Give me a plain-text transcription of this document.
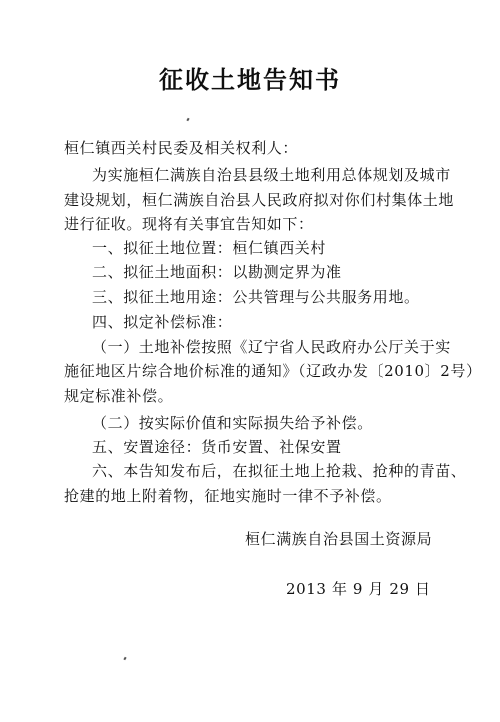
征收土地告知书
桓仁镇西关村民委及相关权利人：
为实施桓仁满族自治县县级土地利用总体规划及城市
建设规划，桓仁满族自治县人民政府拟对你们村集体土地
进行征收。现将有关事宜告知如下：
一、拟征土地位置：桓仁镇西关村
二、拟征土地面积：以勘测定界为准
三、拟征土地用途：公共管理与公共服务用地。
四、拟定补偿标准：
（一）土地补偿按照《辽宁省人民政府办公厅关于实
施征地区片综合地价标准的通知》（辽政办发〔2010〕2号）
规定标准补偿。
（二）按实际价值和实际损失给予补偿。
五、安置途径：货币安置、社保安置
六、本告知发布后，在拟征土地上抢栽、抢种的青苗、
抢建的地上附着物，征地实施时一律不予补偿。
桓仁满族自治县国土资源局
2013 年 9 月 29 日
